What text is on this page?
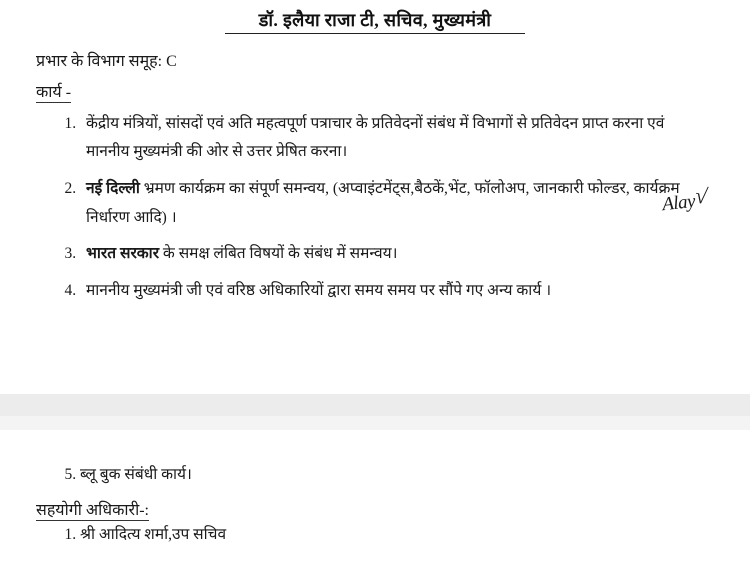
डॉ. इलैया राजा टी, सचिव, मुख्यमंत्री
प्रभार के विभाग समूह: C
कार्य -
1. केंद्रीय मंत्रियों, सांसदों एवं अति महत्वपूर्ण पत्राचार के प्रतिवेदनों संबंध में विभागों से प्रतिवेदन प्राप्त करना एवं माननीय मुख्यमंत्री की ओर से उत्तर प्रेषित करना।
2. नई दिल्ली भ्रमण कार्यक्रम का संपूर्ण समन्वय, (अप्वाइंटमेंट्स,बैठकें,भेंट, फॉलोअप, जानकारी फोल्डर, कार्यक्रम निर्धारण आदि) ।
3. भारत सरकार के समक्ष लंबित विषयों के संबंध में समन्वय।
4. माननीय मुख्यमंत्री जी एवं वरिष्ठ अधिकारियों द्वारा समय समय पर सौंपे गए अन्य कार्य ।
Alay√
5. ब्लू बुक संबंधी कार्य।
सहयोगी अधिकारी-:
1. श्री आदित्य शर्मा,उप सचिव
